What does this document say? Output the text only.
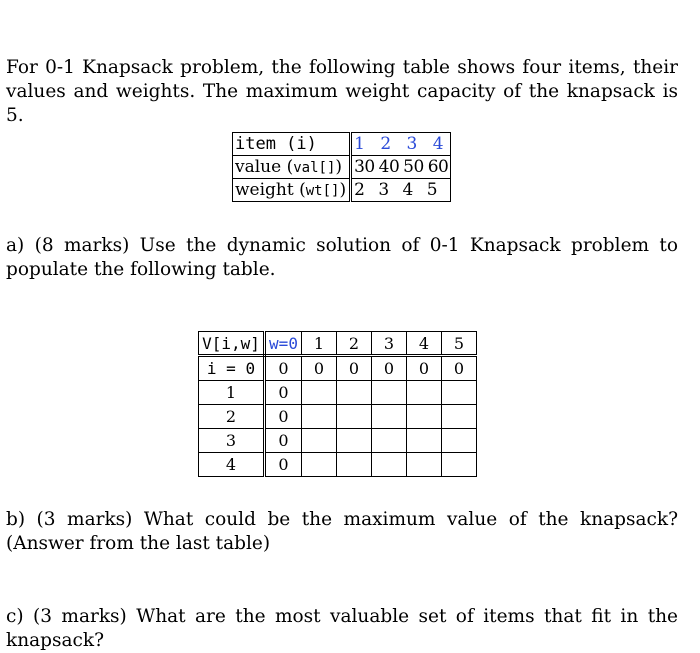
For 0-1 Knapsack problem, the following table shows four items, their values and weights. The maximum weight capacity of the knapsack is 5.

item (i)	1 2 3 4
value (val[])	30 40 50 60
weight (wt[])	2 3 4 5

a) (8 marks) Use the dynamic solution of 0-1 Knapsack problem to populate the following table.

V[i,w]	w=0	1	2	3	4	5
i = 0	0	0	0	0	0	0
1	0					
2	0					
3	0					
4	0					

b) (3 marks) What could be the maximum value of the knapsack? (Answer from the last table)

c) (3 marks) What are the most valuable set of items that fit in the knapsack?
